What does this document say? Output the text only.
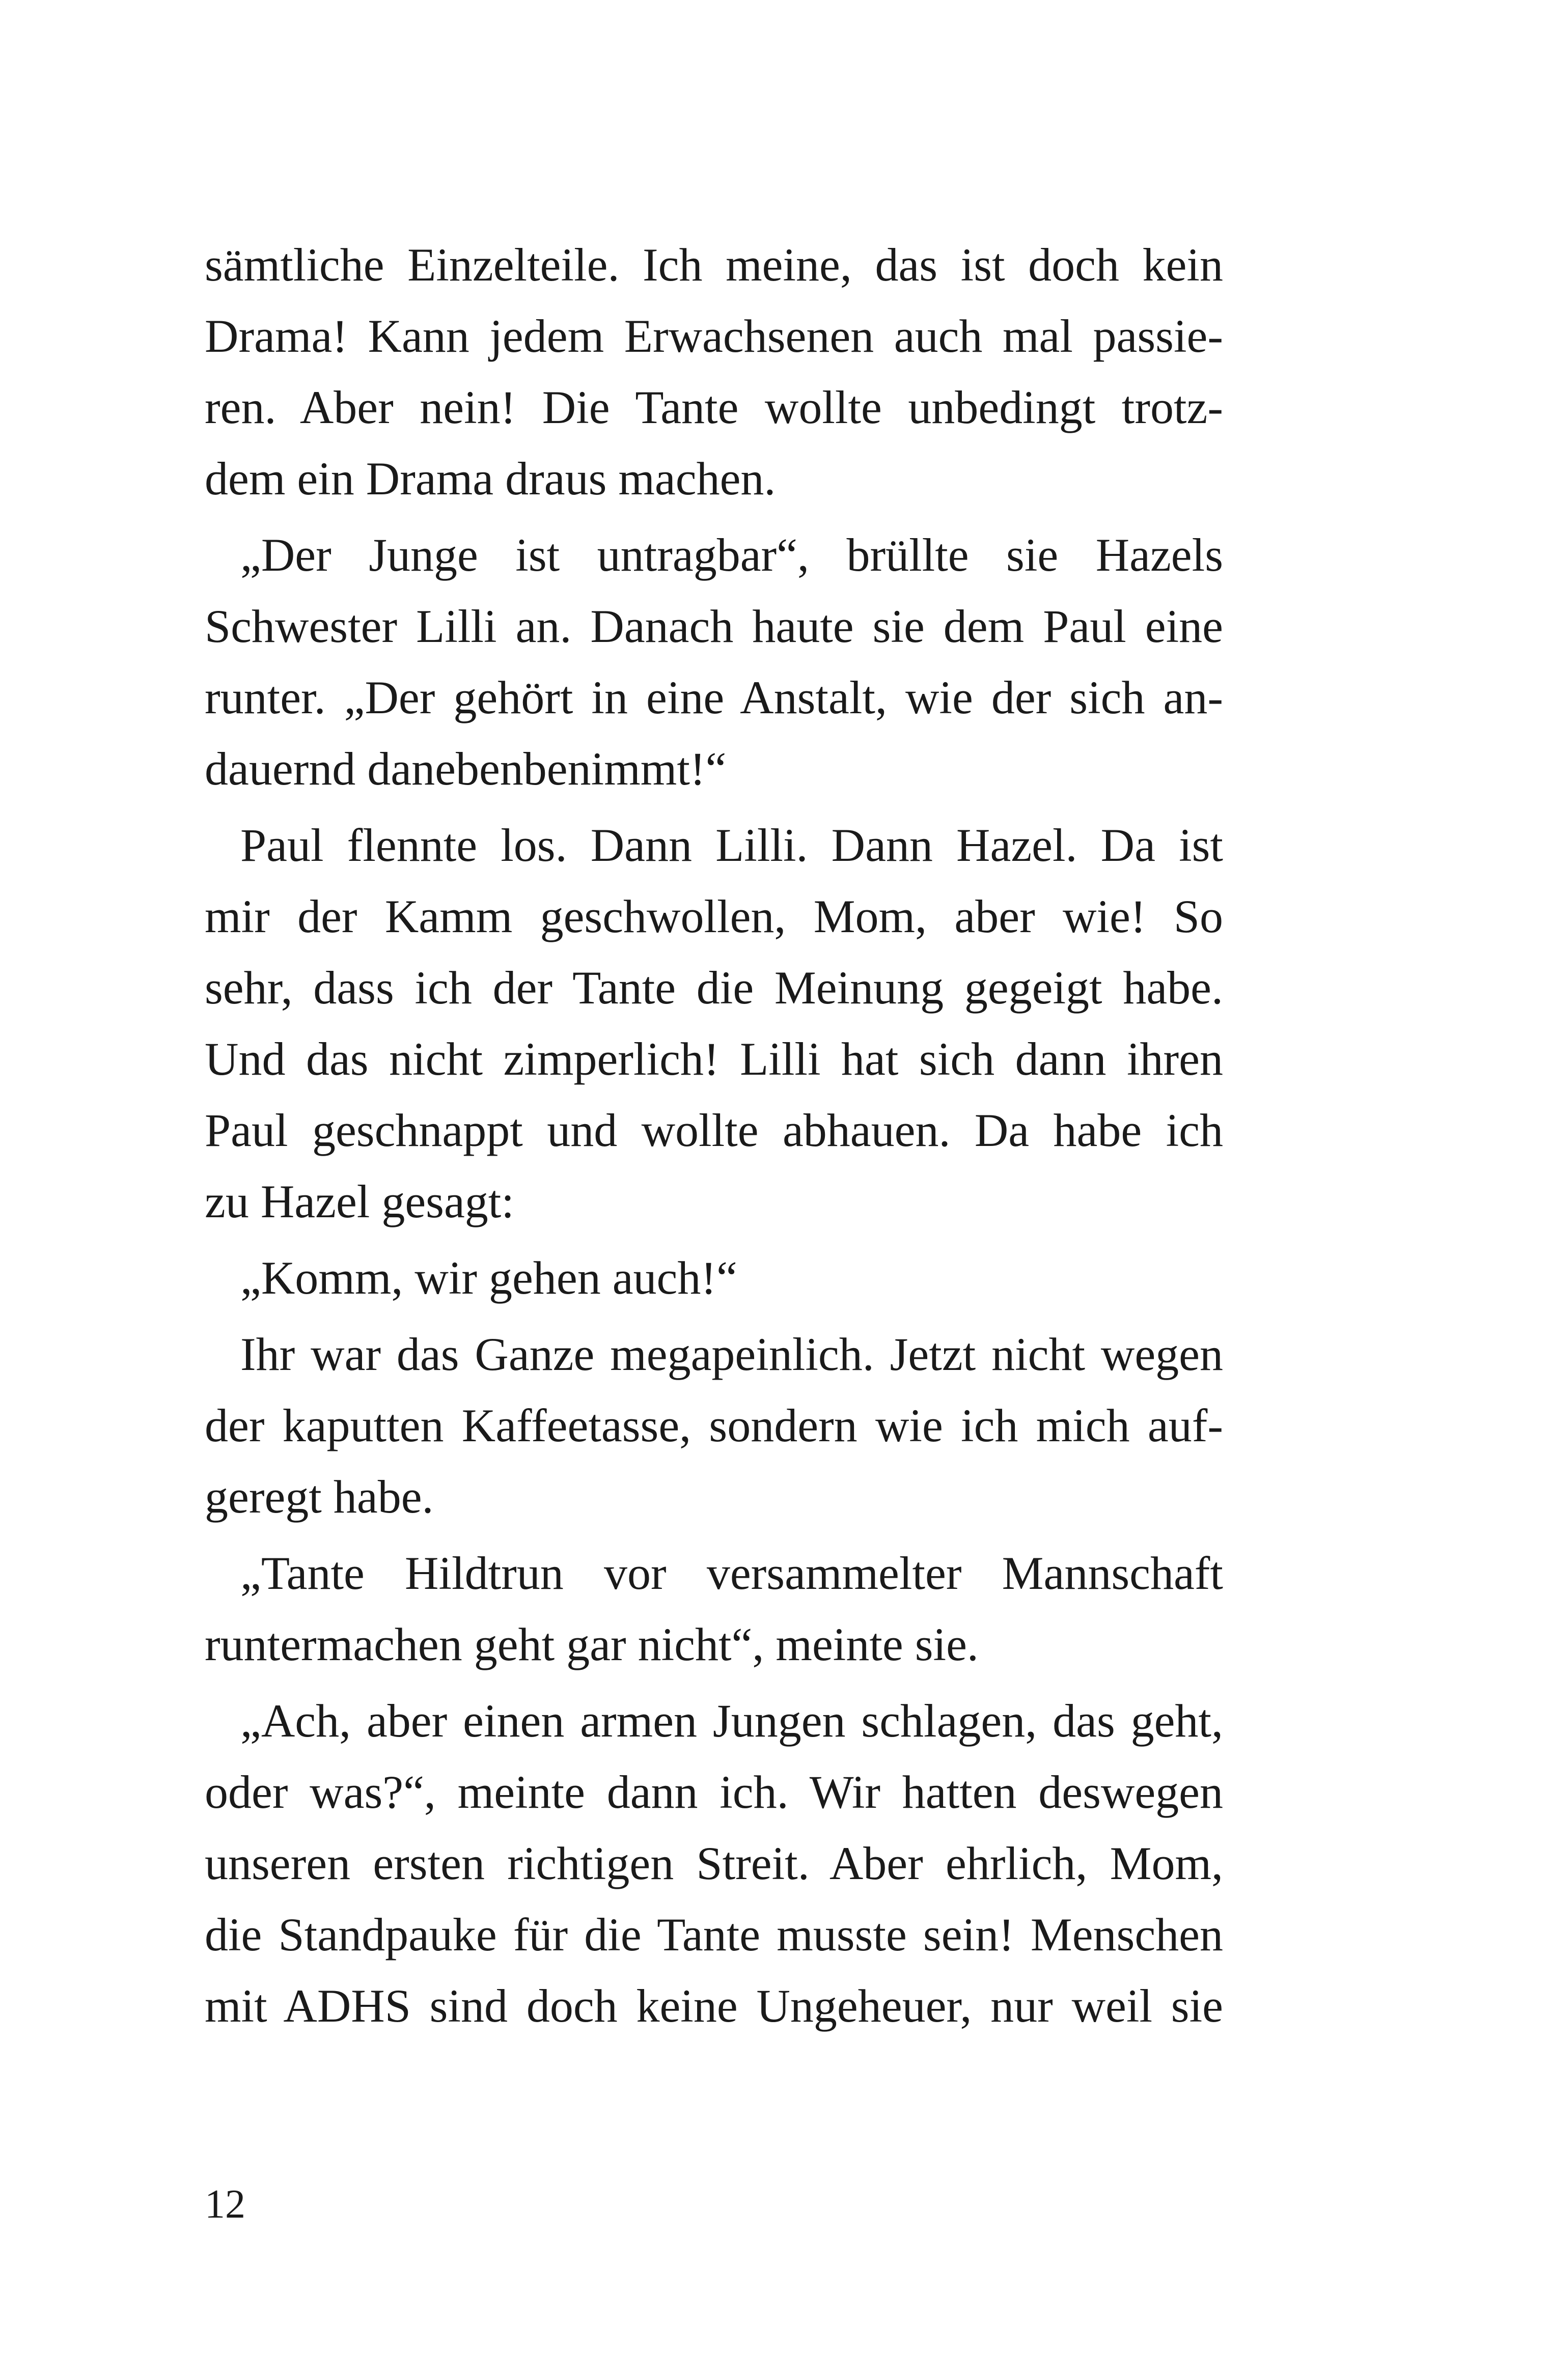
sämtliche Einzelteile. Ich meine, das ist doch kein
Drama! Kann jedem Erwachsenen auch mal passie-
ren. Aber nein! Die Tante wollte unbedingt trotz-
dem ein Drama draus machen.
„Der Junge ist untragbar“, brüllte sie Hazels
Schwester Lilli an. Danach haute sie dem Paul eine
runter. „Der gehört in eine Anstalt, wie der sich an-
dauernd danebenbenimmt!“
Paul flennte los. Dann Lilli. Dann Hazel. Da ist
mir der Kamm geschwollen, Mom, aber wie! So
sehr, dass ich der Tante die Meinung gegeigt habe.
Und das nicht zimperlich! Lilli hat sich dann ihren
Paul geschnappt und wollte abhauen. Da habe ich
zu Hazel gesagt:
„Komm, wir gehen auch!“
Ihr war das Ganze megapeinlich. Jetzt nicht wegen
der kaputten Kaffeetasse, sondern wie ich mich auf-
geregt habe.
„Tante Hildtrun vor versammelter Mannschaft
runtermachen geht gar nicht“, meinte sie.
„Ach, aber einen armen Jungen schlagen, das geht,
oder was?“, meinte dann ich. Wir hatten deswegen
unseren ersten richtigen Streit. Aber ehrlich, Mom,
die Standpauke für die Tante musste sein! Menschen
mit ADHS sind doch keine Ungeheuer, nur weil sie
12
